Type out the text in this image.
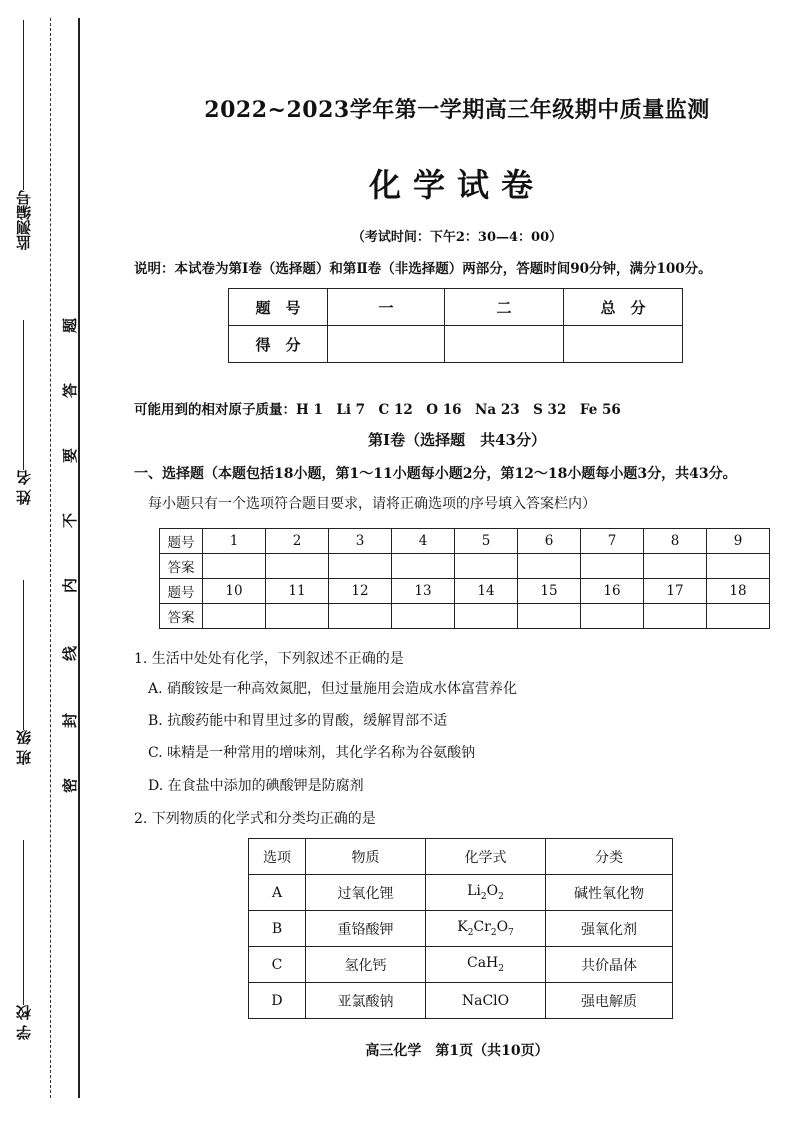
监测编号
姓 名
班 级
学 校
题
答
要
不
内
线
封
密
2022~2023学年第一学期高三年级期中质量监测
化学试卷
（考试时间：下午2：30—4：00）
说明：本试卷为第Ⅰ卷（选择题）和第Ⅱ卷（非选择题）两部分，答题时间90分钟，满分100分。
题　号	一	二	总　分
得　分			
可能用到的相对原子质量：H 1　Li 7　C 12　O 16　Na 23　S 32　Fe 56
第Ⅰ卷（选择题　共43分）
一、选择题（本题包括18小题，第1～11小题每小题2分，第12～18小题每小题3分，共43分。
每小题只有一个选项符合题目要求，请将正确选项的序号填入答案栏内）
题号	1	2	3	4	5	6	7	8	9
答案									
题号	10	11	12	13	14	15	16	17	18
答案									
1. 生活中处处有化学，下列叙述不正确的是
A. 硝酸铵是一种高效氮肥，但过量施用会造成水体富营养化
B. 抗酸药能中和胃里过多的胃酸，缓解胃部不适
C. 味精是一种常用的增味剂，其化学名称为谷氨酸钠
D. 在食盐中添加的碘酸钾是防腐剂
2. 下列物质的化学式和分类均正确的是
选项	物质	化学式	分类
A	过氧化锂	$Li_2O_2$	碱性氧化物
B	重铬酸钾	$K_2Cr_2O_7$	强氧化剂
C	氢化钙	CaH$_2$	共价晶体
D	亚氯酸钠	NaClO	强电解质
高三化学　第1页（共10页）
